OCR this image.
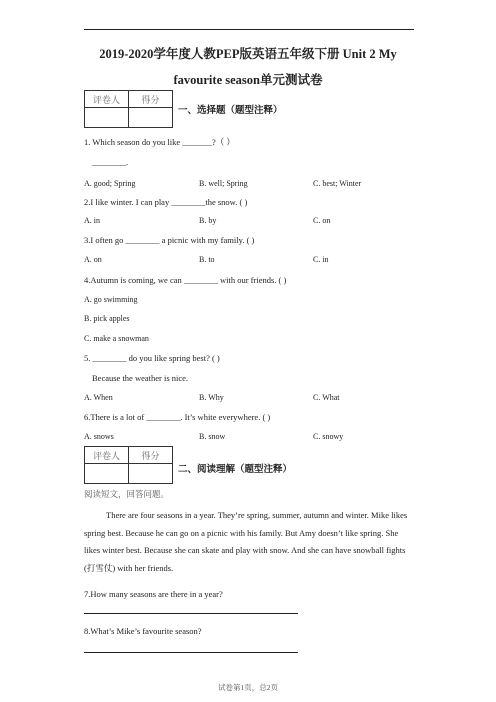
2019-2020学年度人教PEP版英语五年级下册 Unit 2 My
favourite season单元测试卷
评卷人	得分

一、选择题（题型注释）
1. Which season do you like _______?（ ）
________.
A. good; Spring	B. well; Spring	C. best; Winter
2.I like winter. I can play ________the snow. ( )
A. in	B. by	C. on
3.I often go ________ a picnic with my family. ( )
A. on	B. to	C. in
4.Autumn is coming, we can ________ with our friends. ( )
A. go swimming
B. pick apples
C. make a snowman
5. ________ do you like spring best? ( )
Because the weather is nice.
A. When	B. Why	C. What
6.There is a lot of ________. It’s white everywhere. ( )
A. snows	B. snow	C. snowy
评卷人	得分

二、阅读理解（题型注释）
阅读短文，回答问题。
There are four seasons in a year. They’re spring, summer, autumn and winter. Mike likes spring best. Because he can go on a picnic with his family. But Amy doesn’t like spring. She likes winter best. Because she can skate and play with snow. And she can have snowball fights (打雪仗) with her friends.
7.How many seasons are there in a year?
8.What’s Mike’s favourite season?
试卷第1页，总2页
